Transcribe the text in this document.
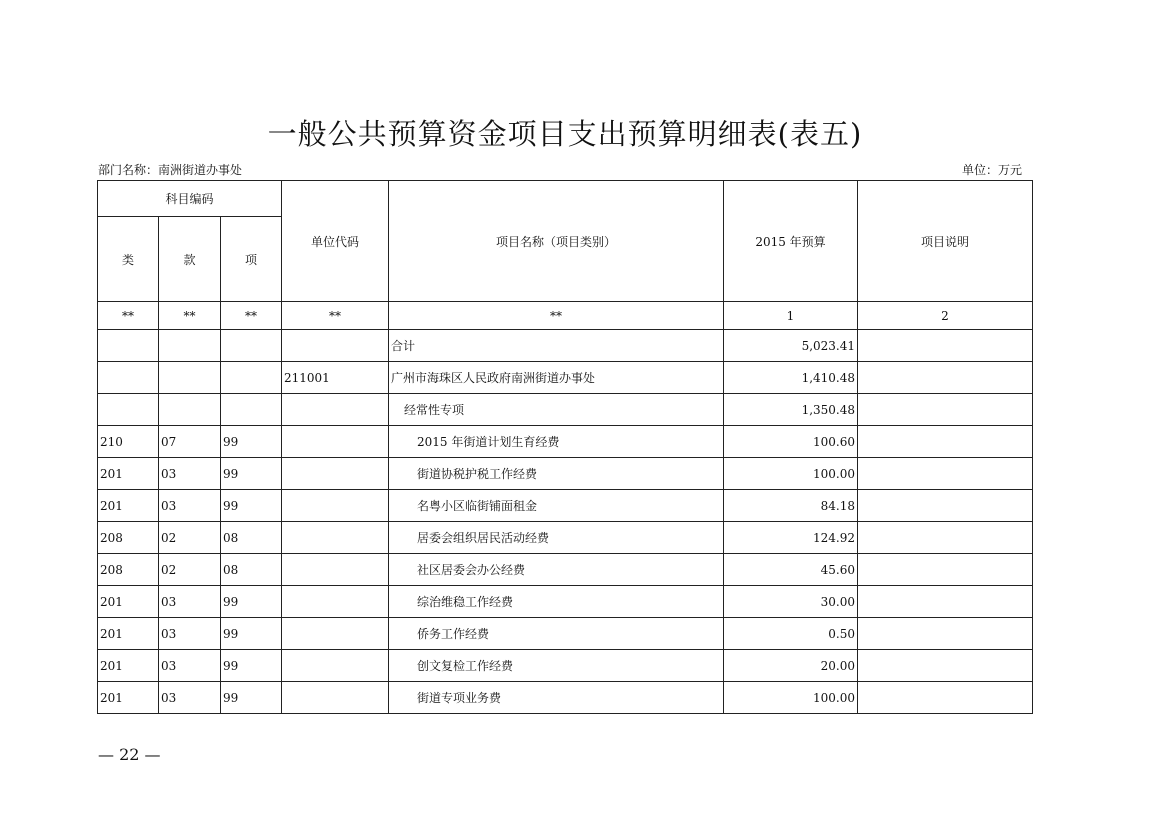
一般公共预算资金项目支出预算明细表(表五)
部门名称：南洲街道办事处	单位：万元
科目编码			单位代码	项目名称（项目类别）	2015 年预算	项目说明
类	款	项				
**	**	**	**	**	1	2
				合计	5,023.41	
			211001	广州市海珠区人民政府南洲街道办事处	1,410.48	
				经常性专项	1,350.48	
210	07	99		2015 年街道计划生育经费	100.60	
201	03	99		街道协税护税工作经费	100.00	
201	03	99		名粤小区临街铺面租金	84.18	
208	02	08		居委会组织居民活动经费	124.92	
208	02	08		社区居委会办公经费	45.60	
201	03	99		综治维稳工作经费	30.00	
201	03	99		侨务工作经费	0.50	
201	03	99		创文复检工作经费	20.00	
201	03	99		街道专项业务费	100.00	
— 22 —
